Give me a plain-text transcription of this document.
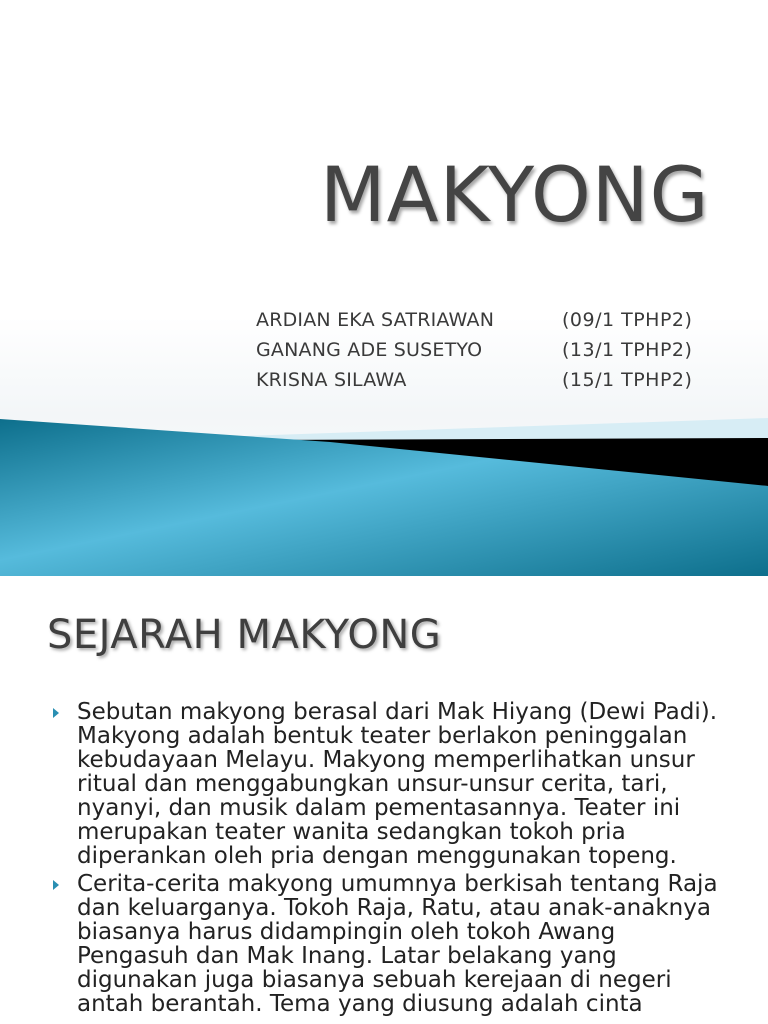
MAKYONG
ARDIAN EKA SATRIAWAN	(09/1 TPHP2)
GANANG ADE SUSETYO	(13/1 TPHP2)
KRISNA SILAWA	(15/1 TPHP2)
SEJARAH MAKYONG
Sebutan makyong berasal dari Mak Hiyang (Dewi Padi). Makyong adalah bentuk teater berlakon peninggalan kebudayaan Melayu. Makyong memperlihatkan unsur ritual dan menggabungkan unsur-unsur cerita, tari, nyanyi, dan musik dalam pementasannya. Teater ini merupakan teater wanita sedangkan tokoh pria diperankan oleh pria dengan menggunakan topeng.
Cerita-cerita makyong umumnya berkisah tentang Raja dan keluarganya. Tokoh Raja, Ratu, atau anak-anaknya biasanya harus didampingin oleh tokoh Awang Pengasuh dan Mak Inang. Latar belakang yang digunakan juga biasanya sebuah kerejaan di negeri antah berantah. Tema yang diusung adalah cinta
